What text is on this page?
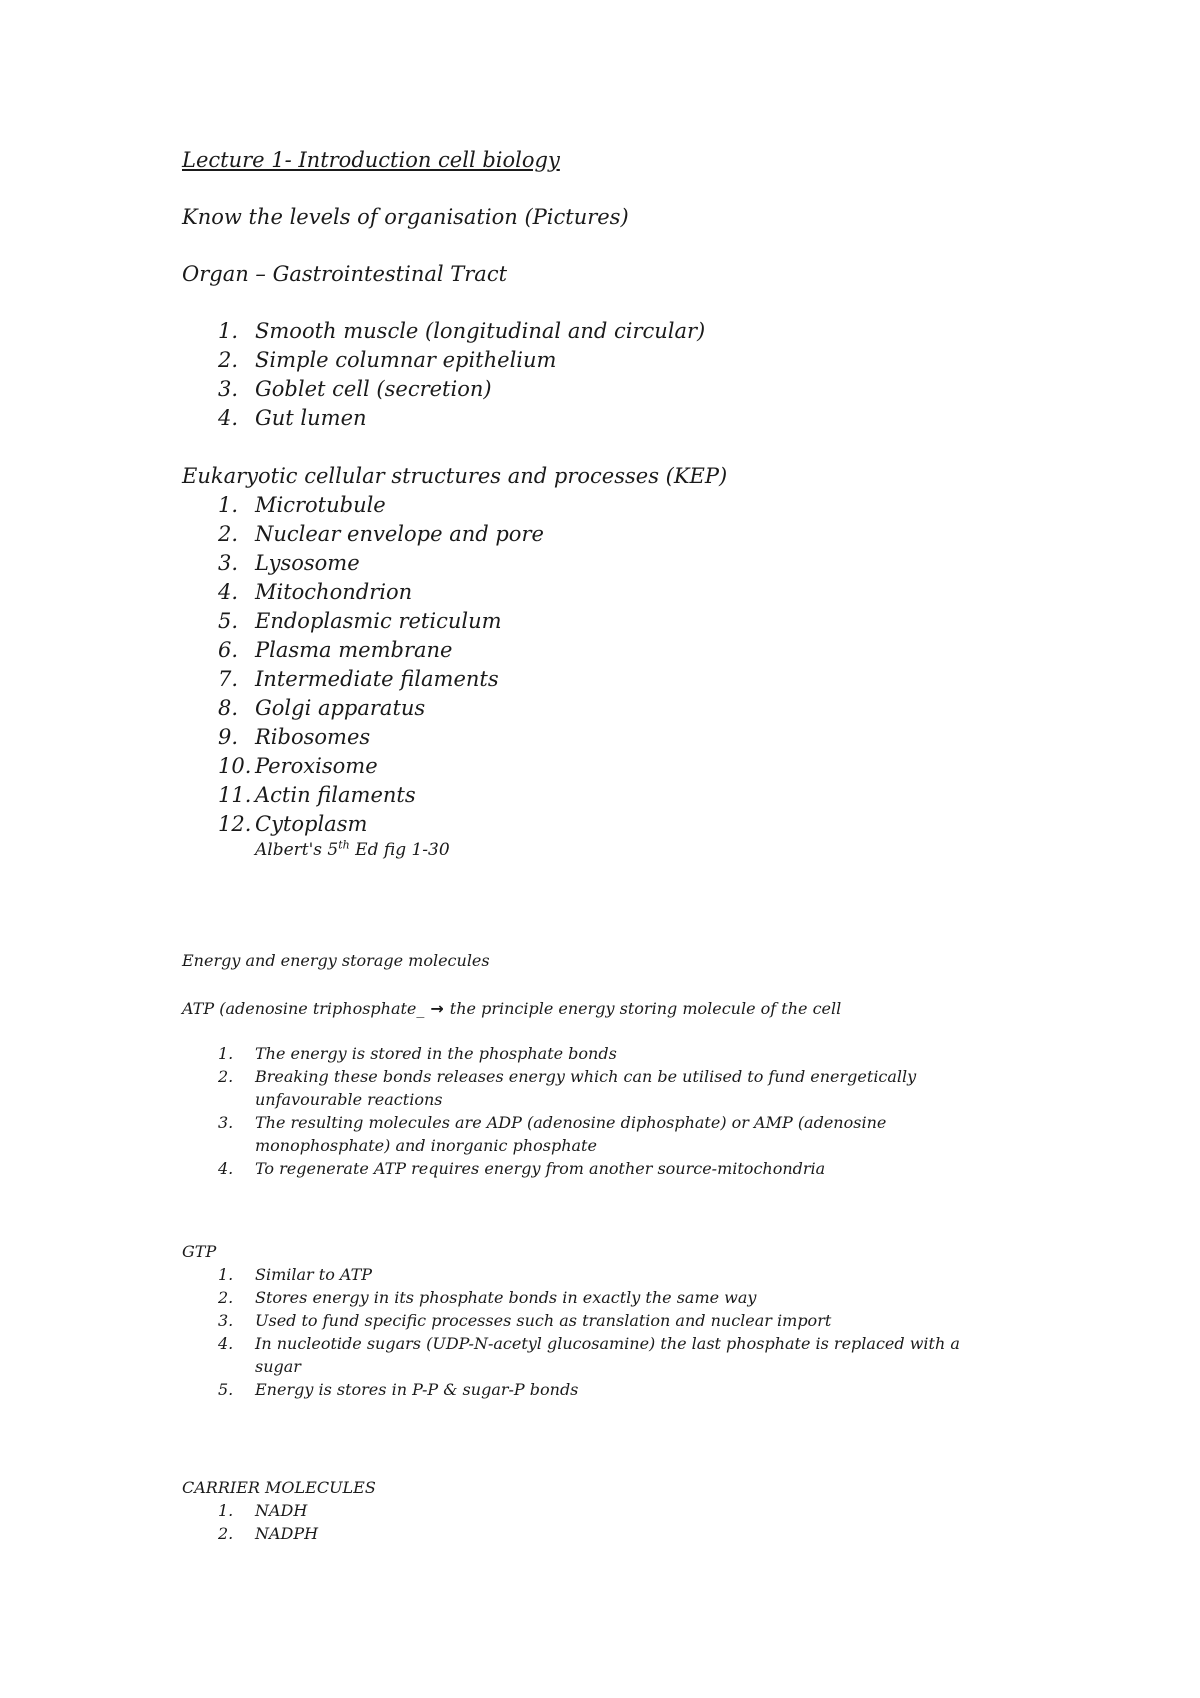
Lecture 1- Introduction cell biology

Know the levels of organisation (Pictures)

Organ – Gastrointestinal Tract

1. Smooth muscle (longitudinal and circular)
2. Simple columnar epithelium
3. Goblet cell (secretion)
4. Gut lumen

Eukaryotic cellular structures and processes (KEP)

1. Microtubule
2. Nuclear envelope and pore
3. Lysosome
4. Mitochondrion
5. Endoplasmic reticulum
6. Plasma membrane
7. Intermediate filaments
8. Golgi apparatus
9. Ribosomes
10. Peroxisome
11. Actin filaments
12. Cytoplasm

Albert's 5th Ed fig 1-30

Energy and energy storage molecules

ATP (adenosine triphosphate_ → the principle energy storing molecule of the cell

1. The energy is stored in the phosphate bonds
2. Breaking these bonds releases energy which can be utilised to fund energetically unfavourable reactions
3. The resulting molecules are ADP (adenosine diphosphate) or AMP (adenosine monophosphate) and inorganic phosphate
4. To regenerate ATP requires energy from another source-mitochondria

GTP

1. Similar to ATP
2. Stores energy in its phosphate bonds in exactly the same way
3. Used to fund specific processes such as translation and nuclear import
4. In nucleotide sugars (UDP-N-acetyl glucosamine) the last phosphate is replaced with a sugar
5. Energy is stores in P-P & sugar-P bonds

CARRIER MOLECULES

1. NADH
2. NADPH
